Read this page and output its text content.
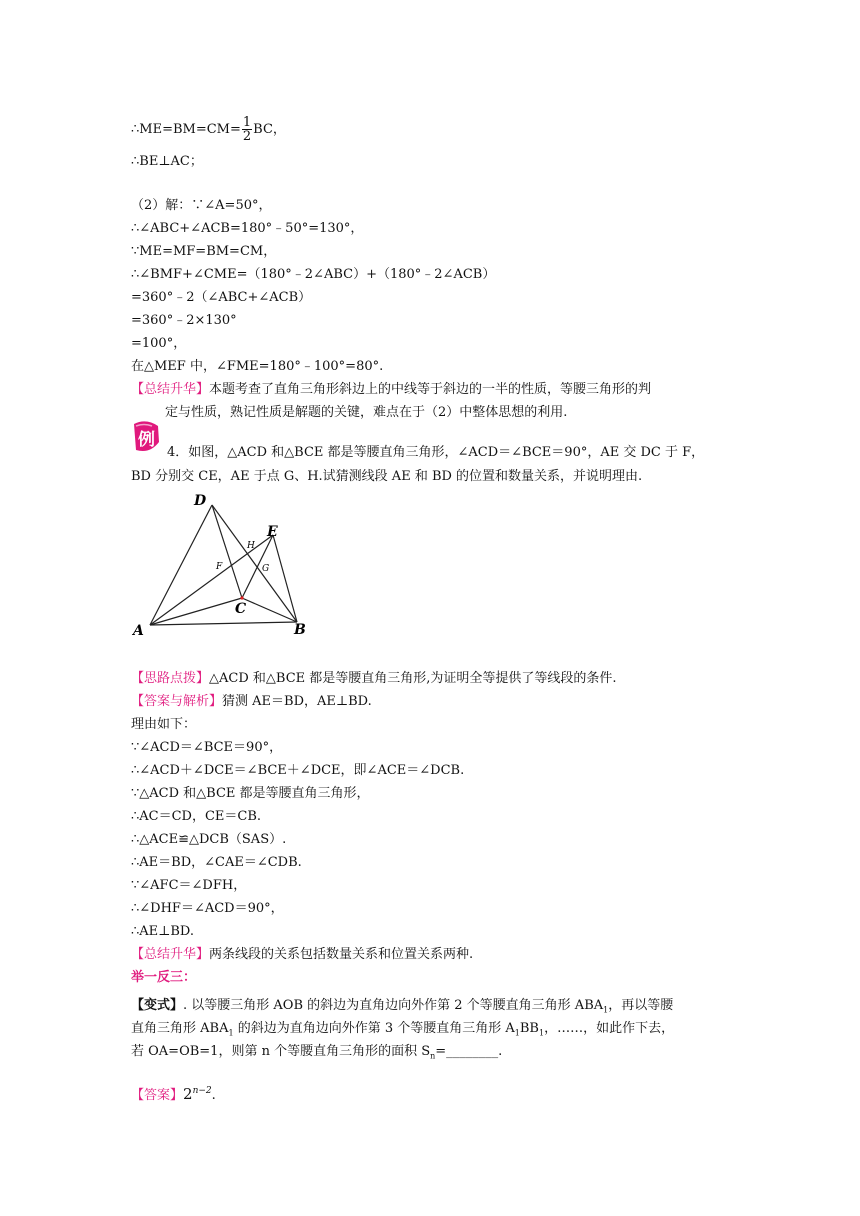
∴ME=BM=CM= $\frac{1}{2}$ BC，
∴BE⊥AC；
（2）解：∵∠A=50°，
∴∠ABC+∠ACB=180°﹣50°=130°，
∵ME=MF=BM=CM，
∴∠BMF+∠CME=（180°﹣2∠ABC）+（180°﹣2∠ACB）
=360°﹣2（∠ABC+∠ACB）
=360°﹣2×130°
=100°，
在△MEF 中，∠FME=180°﹣100°=80°.
【总结升华】本题考查了直角三角形斜边上的中线等于斜边的一半的性质，等腰三角形的判
定与性质，熟记性质是解题的关键，难点在于（2）中整体思想的利用.
例
4．如图，△ACD 和△BCE 都是等腰直角三角形，∠ACD＝∠BCE＝90°，AE 交 DC 于 F，
BD 分别交 CE，AE 于点 G、H.试猜测线段 AE 和 BD 的位置和数量关系，并说明理由.
A	B
C
D
E
F	G
H
【思路点拨】△ACD 和△BCE 都是等腰直角三角形,为证明全等提供了等线段的条件.
【答案与解析】猜测 AE＝BD，AE⊥BD.
理由如下：
∵∠ACD＝∠BCE＝90°，
∴∠ACD＋∠DCE＝∠BCE＋∠DCE，即∠ACE＝∠DCB.
∵△ACD 和△BCE 都是等腰直角三角形，
∴AC＝CD，CE＝CB.
∴△ACE≌△DCB（SAS）.
∴AE＝BD，∠CAE＝∠CDB.
∵∠AFC＝∠DFH，
∴∠DHF＝∠ACD＝90°，
∴AE⊥BD.
【总结升华】两条线段的关系包括数量关系和位置关系两种.
举一反三：
【变式】. 以等腰三角形 AOB 的斜边为直角边向外作第 2 个等腰直角三角形 $ABA_1$，再以等腰
直角三角形 $ABA_1$ 的斜边为直角边向外作第 3 个等腰直角三角形 $A_1BB_1$，……，如此作下去，
若 OA=OB=1，则第 n 个等腰直角三角形的面积 $S_n=\_\_\_\_\_\_\_\_$.
【答案】$2^{n-2}$.
